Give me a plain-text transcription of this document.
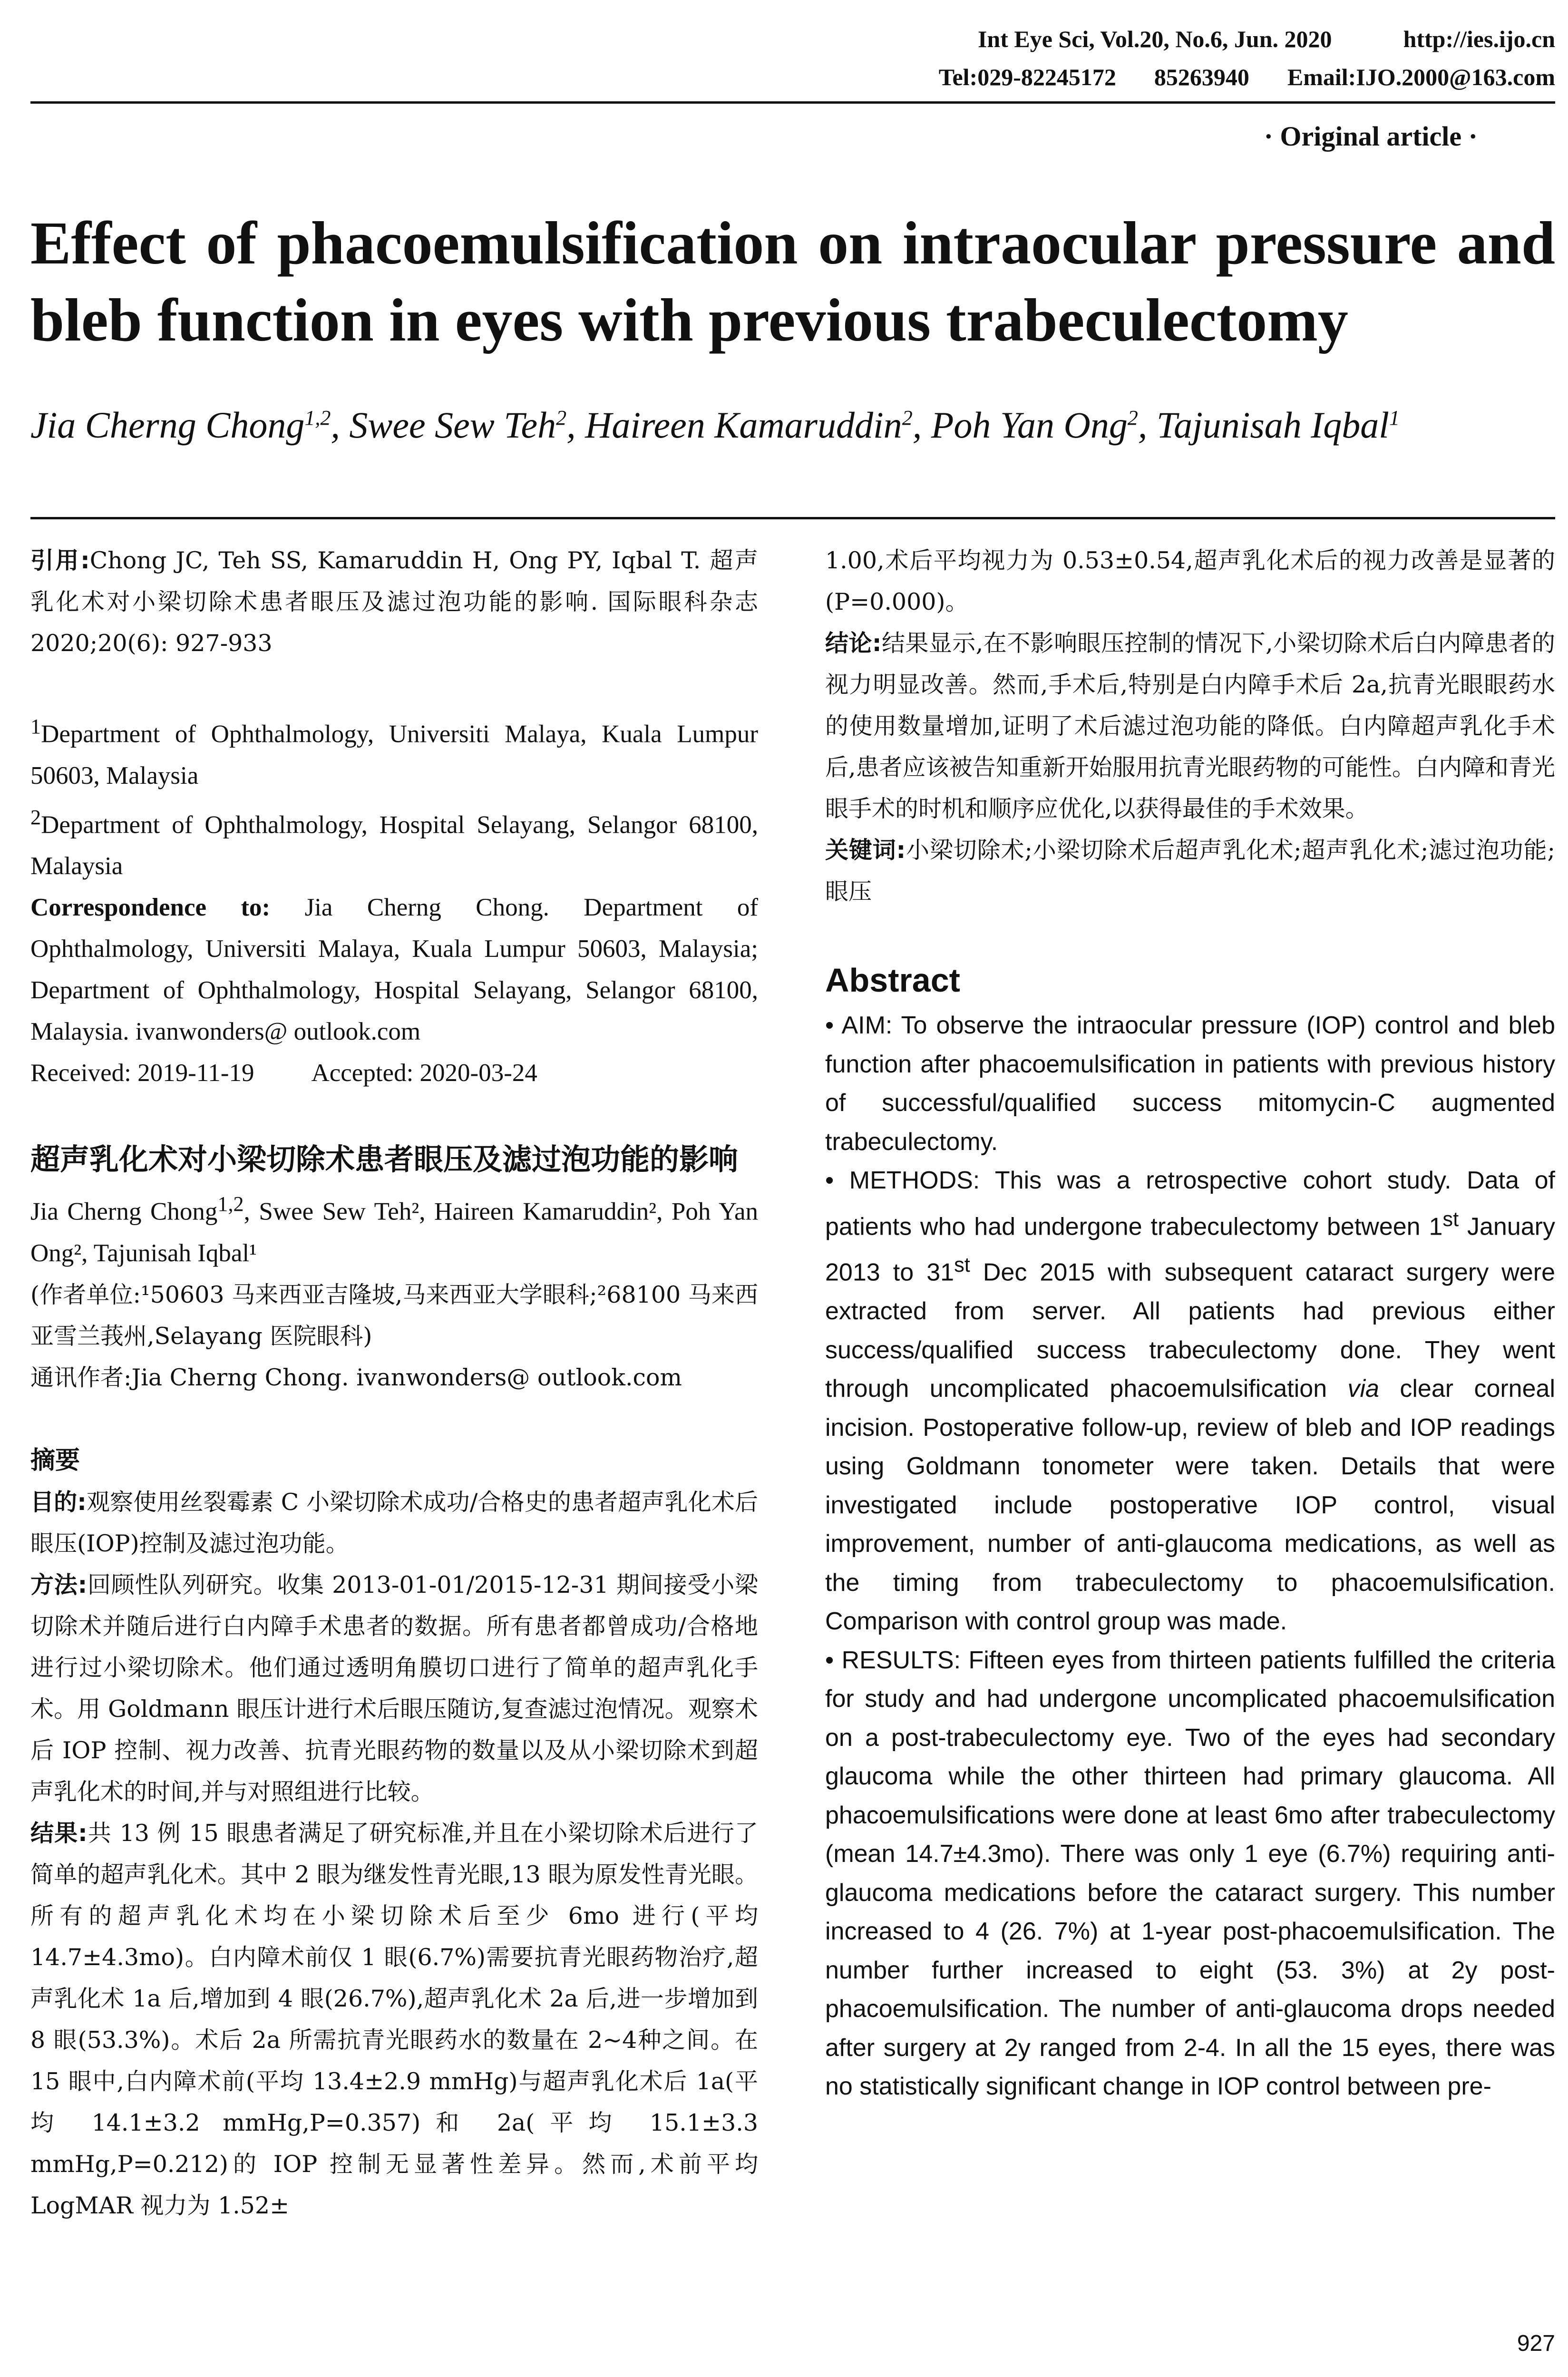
Int Eye Sci, Vol.20, No.6, Jun. 2020	http://ies.ijo.cn
Tel:029-82245172 85263940 Email:IJO.2000@163.com
· Original article ·
Effect of phacoemulsification on intraocular pressure and bleb function in eyes with previous trabeculectomy
Jia Cherng Chong$^{1,2}$, Swee Sew Teh$^2$, Haireen Kamaruddin$^2$, Poh Yan Ong$^2$, Tajunisah Iqbal$^1$

引用:Chong JC, Teh SS, Kamaruddin H, Ong PY, Iqbal T. 超声乳化术对小梁切除术患者眼压及滤过泡功能的影响. 国际眼科杂志 2020;20(6): 927-933

$^1$Department of Ophthalmology, Universiti Malaya, Kuala Lumpur 50603, Malaysia

$^2$Department of Ophthalmology, Hospital Selayang, Selangor 68100, Malaysia

Correspondence to: Jia Cherng Chong. Department of Ophthalmology, Universiti Malaya, Kuala Lumpur 50603, Malaysia; Department of Ophthalmology, Hospital Selayang, Selangor 68100, Malaysia. ivanwonders@ outlook.com

Received: 2019-11-19 Accepted: 2020-03-24

超声乳化术对小梁切除术患者眼压及滤过泡功能的影响

Jia Cherng Chong$^{1,2}$, Swee Sew Teh², Haireen Kamaruddin², Poh Yan Ong², Tajunisah Iqbal¹

(作者单位:¹50603 马来西亚吉隆坡,马来西亚大学眼科;²68100 马来西亚雪兰莪州,Selayang 医院眼科)

通讯作者:Jia Cherng Chong. ivanwonders@ outlook.com

摘要

目的:观察使用丝裂霉素 C 小梁切除术成功/合格史的患者超声乳化术后眼压(IOP)控制及滤过泡功能。

方法:回顾性队列研究。收集 2013-01-01/2015-12-31 期间接受小梁切除术并随后进行白内障手术患者的数据。所有患者都曾成功/合格地进行过小梁切除术。他们通过透明角膜切口进行了简单的超声乳化手术。用 Goldmann 眼压计进行术后眼压随访,复查滤过泡情况。观察术后 IOP 控制、视力改善、抗青光眼药物的数量以及从小梁切除术到超声乳化术的时间,并与对照组进行比较。

结果:共 13 例 15 眼患者满足了研究标准,并且在小梁切除术后进行了简单的超声乳化术。其中 2 眼为继发性青光眼,13 眼为原发性青光眼。所有的超声乳化术均在小梁切除术后至少 6mo 进行(平均 14.7±4.3mo)。白内障术前仅 1 眼(6.7%)需要抗青光眼药物治疗,超声乳化术 1a 后,增加到 4 眼(26.7%),超声乳化术 2a 后,进一步增加到 8 眼(53.3%)。术后 2a 所需抗青光眼药水的数量在 2~4种之间。在 15 眼中,白内障术前(平均 13.4±2.9 mmHg)与超声乳化术后 1a(平均 14.1±3.2 mmHg,P=0.357)和 2a(平均 15.1±3.3 mmHg,P=0.212)的 IOP 控制无显著性差异。然而,术前平均 LogMAR 视力为 1.52±

1.00,术后平均视力为 0.53±0.54,超声乳化术后的视力改善是显著的(P=0.000)。

结论:结果显示,在不影响眼压控制的情况下,小梁切除术后白内障患者的视力明显改善。然而,手术后,特别是白内障手术后 2a,抗青光眼眼药水的使用数量增加,证明了术后滤过泡功能的降低。白内障超声乳化手术后,患者应该被告知重新开始服用抗青光眼药物的可能性。白内障和青光眼手术的时机和顺序应优化,以获得最佳的手术效果。

关键词:小梁切除术;小梁切除术后超声乳化术;超声乳化术;滤过泡功能;眼压

Abstract

• AIM: To observe the intraocular pressure (IOP) control and bleb function after phacoemulsification in patients with previous history of successful/qualified success mitomycin-C augmented trabeculectomy.

• METHODS: This was a retrospective cohort study. Data of patients who had undergone trabeculectomy between 1st January 2013 to 31st Dec 2015 with subsequent cataract surgery were extracted from server. All patients had previous either success/qualified success trabeculectomy done. They went through uncomplicated phacoemulsification via clear corneal incision. Postoperative follow-up, review of bleb and IOP readings using Goldmann tonometer were taken. Details that were investigated include postoperative IOP control, visual improvement, number of anti-glaucoma medications, as well as the timing from trabeculectomy to phacoemulsification. Comparison with control group was made.

• RESULTS: Fifteen eyes from thirteen patients fulfilled the criteria for study and had undergone uncomplicated phacoemulsification on a post-trabeculectomy eye. Two of the eyes had secondary glaucoma while the other thirteen had primary glaucoma. All phacoemulsifications were done at least 6mo after trabeculectomy (mean 14.7±4.3mo). There was only 1 eye (6.7%) requiring anti-glaucoma medications before the cataract surgery. This number increased to 4 (26. 7%) at 1-year post-phacoemulsification. The number further increased to eight (53. 3%) at 2y post-phacoemulsification. The number of anti-glaucoma drops needed after surgery at 2y ranged from 2-4. In all the 15 eyes, there was no statistically significant change in IOP control between pre-

927
